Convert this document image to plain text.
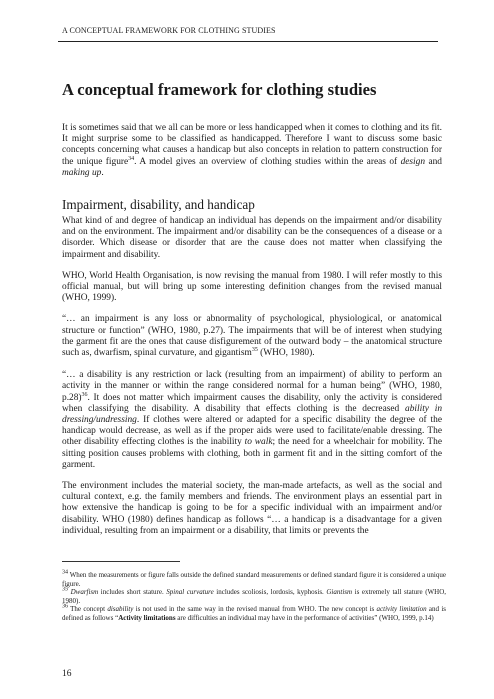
A CONCEPTUAL FRAMEWORK FOR CLOTHING STUDIES
A conceptual framework for clothing studies

It is sometimes said that we all can be more or less handicapped when it comes to clothing and its fit. It might surprise some to be classified as handicapped. Therefore I want to discuss some basic concepts concerning what causes a handicap but also concepts in relation to pattern construction for the unique figure$^{34}$. A model gives an overview of clothing studies within the areas of design and making up.

Impairment, disability, and handicap

What kind of and degree of handicap an individual has depends on the impairment and/or disability and on the environment. The impairment and/or disability can be the consequences of a disease or a disorder. Which disease or disorder that are the cause does not matter when classifying the impairment and disability.

WHO, World Health Organisation, is now revising the manual from 1980. I will refer mostly to this official manual, but will bring up some interesting definition changes from the revised manual (WHO, 1999).

“… an impairment is any loss or abnormality of psychological, physiological, or anatomical structure or function” (WHO, 1980, p.27). The impairments that will be of interest when studying the garment fit are the ones that cause disfigurement of the outward body – the anatomical structure such as, dwarfism, spinal curvature, and gigantism$^{35}$ (WHO, 1980).

“… a disability is any restriction or lack (resulting from an impairment) of ability to perform an activity in the manner or within the range considered normal for a human being” (WHO, 1980, p.28)$^{36}$. It does not matter which impairment causes the disability, only the activity is considered when classifying the disability. A disability that effects clothing is the decreased ability in dressing/undressing. If clothes were altered or adapted for a specific disability the degree of the handicap would decrease, as well as if the proper aids were used to facilitate/enable dressing. The other disability effecting clothes is the inability to walk; the need for a wheelchair for mobility. The sitting position causes problems with clothing, both in garment fit and in the sitting comfort of the garment.

The environment includes the material society, the man-made artefacts, as well as the social and cultural context, e.g. the family members and friends. The environment plays an essential part in how extensive the handicap is going to be for a specific individual with an impairment and/or disability. WHO (1980) defines handicap as follows “… a handicap is a disadvantage for a given individual, resulting from an impairment or a disability, that limits or prevents the

$^{34}$ When the measurements or figure falls outside the defined standard measurements or defined standard figure it is considered a unique figure.
$^{35}$ Dwarfism includes short stature. Spinal curvature includes scoliosis, lordosis, kyphosis. Giantism is extremely tall stature (WHO, 1980).
$^{36}$ The concept disability is not used in the same way in the revised manual from WHO. The new concept is activity limitation and is defined as follows “Activity limitations are difficulties an individual may have in the performance of activities” (WHO, 1999, p.14)
16
